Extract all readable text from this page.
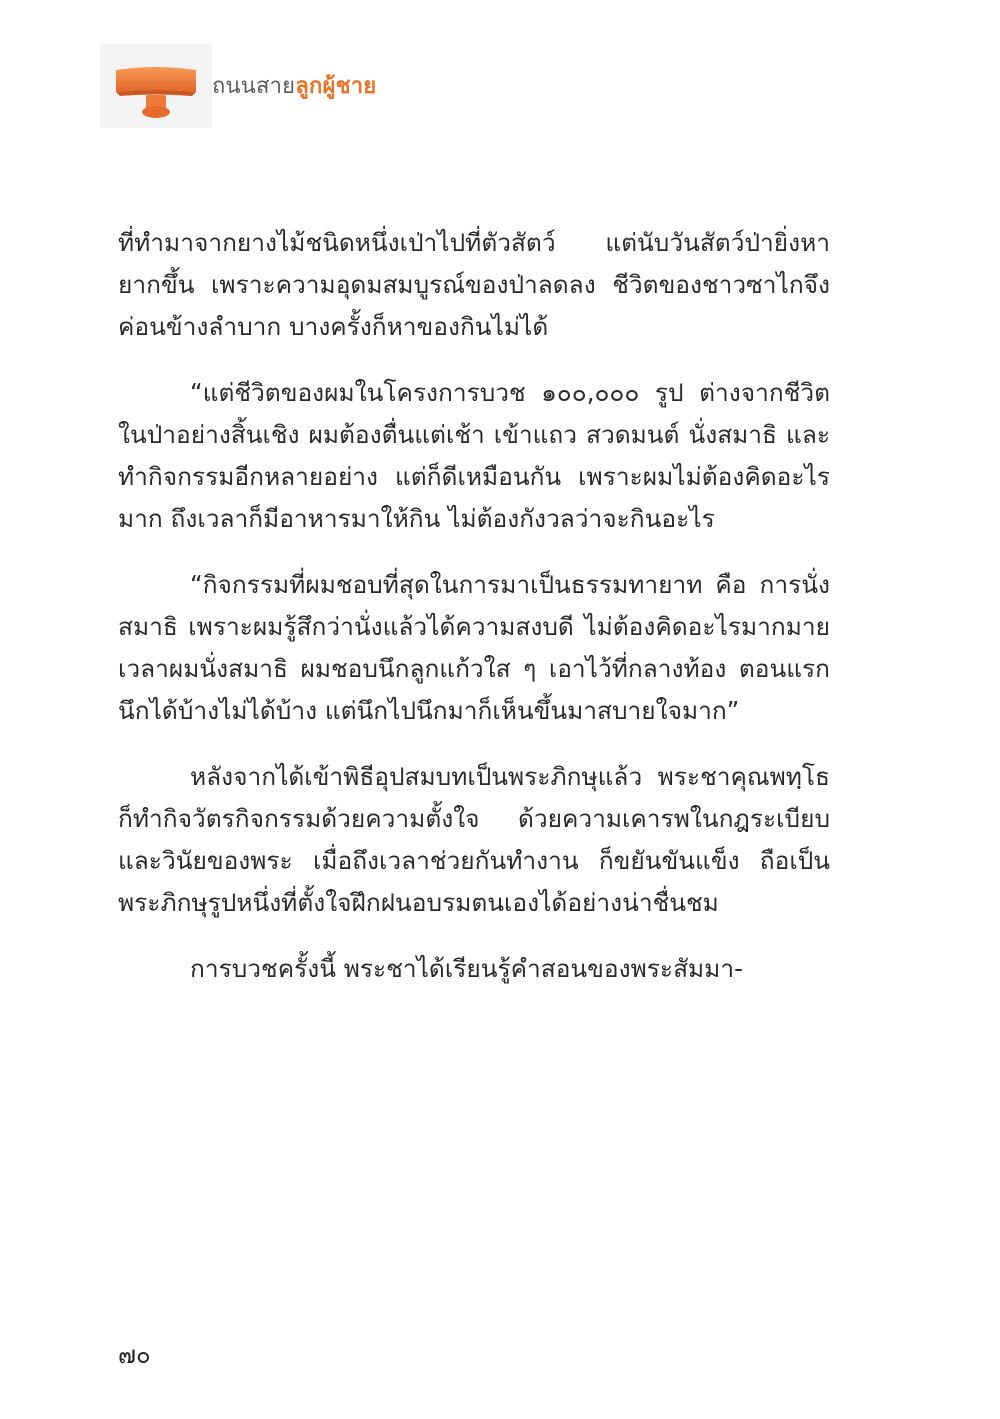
ถนนสายลูกผู้ชาย

ที่ทำมาจากยางไม้ชนิดหนึ่งเป่าไปที่ตัวสัตว์ แต่นับวันสัตว์ป่ายิ่งหายากขึ้น เพราะความอุดมสมบูรณ์ของป่าลดลง ชีวิตของชาวซาไกจึงค่อนข้างลำบาก บางครั้งก็หาของกินไม่ได้

“แต่ชีวิตของผมในโครงการบวช ๑๐๐,๐๐๐ รูป ต่างจากชีวิตในป่าอย่างสิ้นเชิง ผมต้องตื่นแต่เช้า เข้าแถว สวดมนต์ นั่งสมาธิ และทำกิจกรรมอีกหลายอย่าง แต่ก็ดีเหมือนกัน เพราะผมไม่ต้องคิดอะไรมาก ถึงเวลาก็มีอาหารมาให้กิน ไม่ต้องกังวลว่าจะกินอะไร

“กิจกรรมที่ผมชอบที่สุดในการมาเป็นธรรมทายาท คือ การนั่งสมาธิ เพราะผมรู้สึกว่านั่งแล้วได้ความสงบดี ไม่ต้องคิดอะไรมากมาย เวลาผมนั่งสมาธิ ผมชอบนึกลูกแก้วใส ๆ เอาไว้ที่กลางท้อง ตอนแรกนึกได้บ้างไม่ได้บ้าง แต่นึกไปนึกมาก็เห็นขึ้นมาสบายใจมาก”

หลังจากได้เข้าพิธีอุปสมบทเป็นพระภิกษุแล้ว พระชาคุณพทฺโธ ก็ทำกิจวัตรกิจกรรมด้วยความตั้งใจ ด้วยความเคารพในกฎระเบียบ และวินัยของพระ เมื่อถึงเวลาช่วยกันทำงาน ก็ขยันขันแข็ง ถือเป็นพระภิกษุรูปหนึ่งที่ตั้งใจฝึกฝนอบรมตนเองได้อย่างน่าชื่นชม

การบวชครั้งนี้ พระชาได้เรียนรู้คำสอนของพระสัมมา-

๗๐
